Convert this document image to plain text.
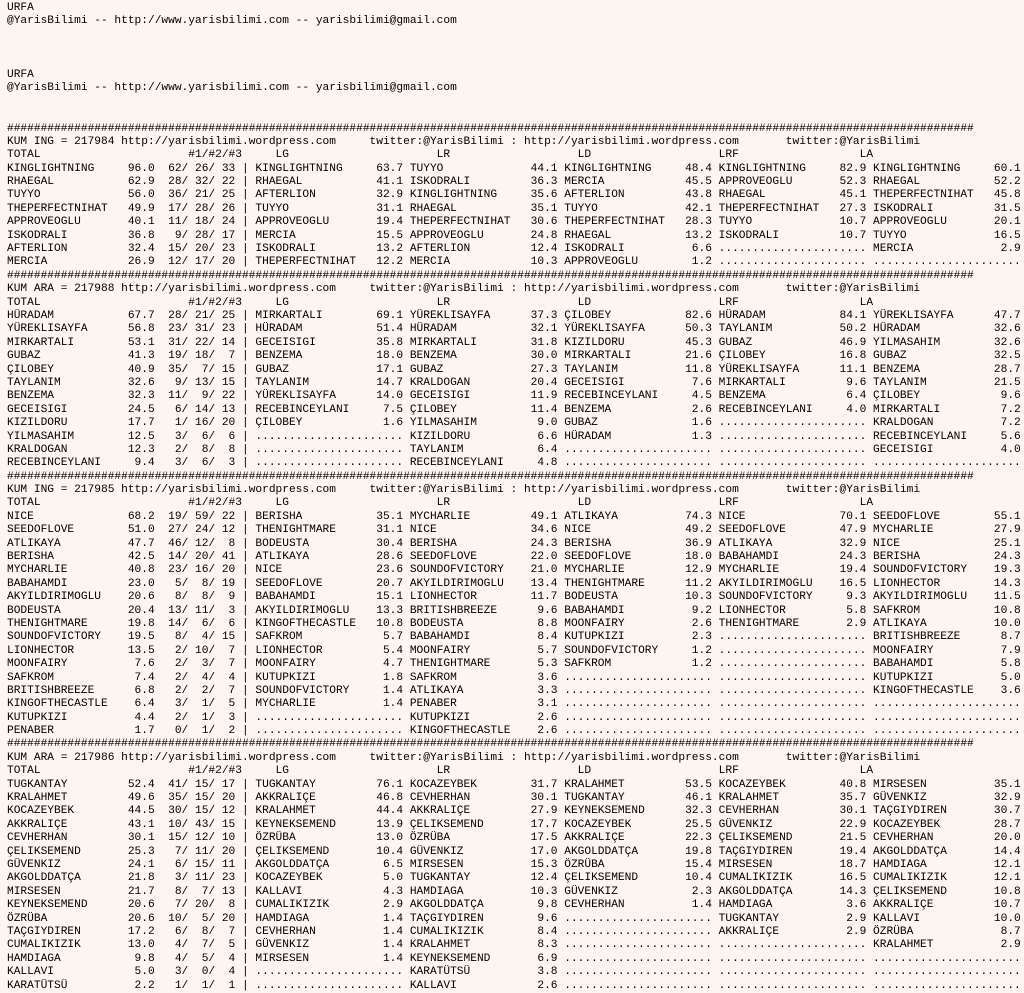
URFA
@YarisBilimi -- http://www.yarisbilimi.com -- yarisbilimi@gmail.com

URFA
@YarisBilimi -- http://www.yarisbilimi.com -- yarisbilimi@gmail.com

################################################################################################################################################
KUM ING = 217984 http://yarisbilimi.wordpress.com     twitter:@YarisBilimi : http://yarisbilimi.wordpress.com       twitter:@YarisBilimi
TOTAL                      #1/#2/#3     LG                      LR                   LD                   LRF                  LA
KINGLIGHTNING     96.0  62/ 26/ 33 | KINGLIGHTNING     63.7 TUYYO             44.1 KINGLIGHTNING     48.4 KINGLIGHTNING     82.9 KINGLIGHTNING     60.1
RHAEGAL           62.9  28/ 32/ 22 | RHAEGAL           41.1 ISKODRALI         36.3 MERCIA            45.5 APPROVEOGLU       52.3 RHAEGAL           52.2
TUYYO             56.0  36/ 21/ 25 | AFTERLION         32.9 KINGLIGHTNING     35.6 AFTERLION         43.8 RHAEGAL           45.1 THEPERFECTNIHAT   45.8
THEPERFECTNIHAT   49.9  17/ 28/ 26 | TUYYO             31.1 RHAEGAL           35.1 TUYYO             42.1 THEPERFECTNIHAT   27.3 ISKODRALI         31.5
APPROVEOGLU       40.1  11/ 18/ 24 | APPROVEOGLU       19.4 THEPERFECTNIHAT   30.6 THEPERFECTNIHAT   28.3 TUYYO             10.7 APPROVEOGLU       20.1
ISKODRALI         36.8   9/ 28/ 17 | MERCIA            15.5 APPROVEOGLU       24.8 RHAEGAL           13.2 ISKODRALI         10.7 TUYYO             16.5
AFTERLION         32.4  15/ 20/ 23 | ISKODRALI         13.2 AFTERLION         12.4 ISKODRALI          6.6 ...................... MERCIA             2.9
MERCIA            26.9  12/ 17/ 20 | THEPERFECTNIHAT   12.2 MERCIA            10.3 APPROVEOGLU        1.2 ...................... ......................
################################################################################################################################################
KUM ARA = 217988 http://yarisbilimi.wordpress.com     twitter:@YarisBilimi : http://yarisbilimi.wordpress.com       twitter:@YarisBilimi
TOTAL                      #1/#2/#3     LG                      LR                   LD                   LRF                  LA
HÜRADAM           67.7  28/ 21/ 25 | MIRKARTALI        69.1 YÜREKLISAYFA      37.3 ÇILOBEY           82.6 HÜRADAM           84.1 YÜREKLISAYFA      47.7
YÜREKLISAYFA      56.8  23/ 31/ 23 | HÜRADAM           51.4 HÜRADAM           32.1 YÜREKLISAYFA      50.3 TAYLANIM          50.2 HÜRADAM           32.6
MIRKARTALI        53.1  31/ 22/ 14 | GECEISIGI         35.8 MIRKARTALI        31.8 KIZILDORU         45.3 GUBAZ             46.9 YILMASAHIM        32.6
GUBAZ             41.3  19/ 18/  7 | BENZEMA           18.0 BENZEMA           30.0 MIRKARTALI        21.6 ÇILOBEY           16.8 GUBAZ             32.5
ÇILOBEY           40.9  35/  7/ 15 | GUBAZ             17.1 GUBAZ             27.3 TAYLANIM          11.8 YÜREKLISAYFA      11.1 BENZEMA           28.7
TAYLANIM          32.6   9/ 13/ 15 | TAYLANIM          14.7 KRALDOGAN         20.4 GECEISIGI          7.6 MIRKARTALI         9.6 TAYLANIM          21.5
BENZEMA           32.3  11/  9/ 22 | YÜREKLISAYFA      14.0 GECEISIGI         11.9 RECEBINCEYLANI     4.5 BENZEMA            6.4 ÇILOBEY            9.6
GECEISIGI         24.5   6/ 14/ 13 | RECEBINCEYLANI     7.5 ÇILOBEY           11.4 BENZEMA            2.6 RECEBINCEYLANI     4.0 MIRKARTALI         7.2
KIZILDORU         17.7   1/ 16/ 20 | ÇILOBEY            1.6 YILMASAHIM         9.0 GUBAZ              1.6 ...................... KRALDOGAN          7.2
YILMASAHIM        12.5   3/  6/  6 | ...................... KIZILDORU          6.6 HÜRADAM            1.3 ...................... RECEBINCEYLANI     5.6
KRALDOGAN         12.3   2/  8/  8 | ...................... TAYLANIM           6.4 ...................... ...................... GECEISIGI          4.0
RECEBINCEYLANI     9.4   3/  6/  3 | ...................... RECEBINCEYLANI     4.8 ...................... ...................... ......................
################################################################################################################################################
KUM ING = 217985 http://yarisbilimi.wordpress.com     twitter:@YarisBilimi : http://yarisbilimi.wordpress.com       twitter:@YarisBilimi
TOTAL                      #1/#2/#3     LG                      LR                   LD                   LRF                  LA
NICE              68.2  19/ 59/ 22 | BERISHA           35.1 MYCHARLIE         49.1 ATLIKAYA          74.3 NICE              70.1 SEEDOFLOVE        55.1
SEEDOFLOVE        51.0  27/ 24/ 12 | THENIGHTMARE      31.1 NICE              34.6 NICE              49.2 SEEDOFLOVE        47.9 MYCHARLIE         27.9
ATLIKAYA          47.7  46/ 12/  8 | BODEUSTA          30.4 BERISHA           24.3 BERISHA           36.9 ATLIKAYA          32.9 NICE              25.1
BERISHA           42.5  14/ 20/ 41 | ATLIKAYA          28.6 SEEDOFLOVE        22.0 SEEDOFLOVE        18.0 BABAHAMDI         24.3 BERISHA           24.3
MYCHARLIE         40.8  23/ 16/ 20 | NICE              23.6 SOUNDOFVICTORY    21.0 MYCHARLIE         12.9 MYCHARLIE         19.4 SOUNDOFVICTORY    19.3
BABAHAMDI         23.0   5/  8/ 19 | SEEDOFLOVE        20.7 AKYILDIRIMOGLU    13.4 THENIGHTMARE      11.2 AKYILDIRIMOGLU    16.5 LIONHECTOR        14.3
AKYILDIRIMOGLU    20.6   8/  8/  9 | BABAHAMDI         15.1 LIONHECTOR        11.7 BODEUSTA          10.3 SOUNDOFVICTORY     9.3 AKYILDIRIMOGLU    11.5
BODEUSTA          20.4  13/ 11/  3 | AKYILDIRIMOGLU    13.3 BRITISHBREEZE      9.6 BABAHAMDI          9.2 LIONHECTOR         5.8 SAFKROM           10.8
THENIGHTMARE      19.8  14/  6/  6 | KINGOFTHECASTLE   10.8 BODEUSTA           8.8 MOONFAIRY          2.6 THENIGHTMARE       2.9 ATLIKAYA          10.0
SOUNDOFVICTORY    19.5   8/  4/ 15 | SAFKROM            5.7 BABAHAMDI          8.4 KUTUPKIZI          2.3 ...................... BRITISHBREEZE      8.7
LIONHECTOR        13.5   2/ 10/  7 | LIONHECTOR         5.4 MOONFAIRY          5.7 SOUNDOFVICTORY     1.2 ...................... MOONFAIRY          7.9
MOONFAIRY          7.6   2/  3/  7 | MOONFAIRY          4.7 THENIGHTMARE       5.3 SAFKROM            1.2 ...................... BABAHAMDI          5.8
SAFKROM            7.4   2/  4/  4 | KUTUPKIZI          1.8 SAFKROM            3.6 ...................... ...................... KUTUPKIZI          5.0
BRITISHBREEZE      6.8   2/  2/  7 | SOUNDOFVICTORY     1.4 ATLIKAYA           3.3 ...................... ...................... KINGOFTHECASTLE    3.6
KINGOFTHECASTLE    6.4   3/  1/  5 | MYCHARLIE          1.4 PENABER            3.1 ...................... ...................... ......................
KUTUPKIZI          4.4   2/  1/  3 | ...................... KUTUPKIZI          2.6 ...................... ...................... ......................
PENABER            1.7   0/  1/  2 | ...................... KINGOFTHECASTLE    2.6 ...................... ...................... ......................
################################################################################################################################################
KUM ARA = 217986 http://yarisbilimi.wordpress.com     twitter:@YarisBilimi : http://yarisbilimi.wordpress.com       twitter:@YarisBilimi
TOTAL                      #1/#2/#3     LG                      LR                   LD                   LRF                  LA
TUGKANTAY         52.4  41/ 15/ 17 | TUGKANTAY         76.1 KOCAZEYBEK        31.7 KRALAHMET         53.5 KOCAZEYBEK        40.8 MIRSESEN          35.1
KRALAHMET         49.6  35/ 15/ 20 | AKKRALIÇE         46.8 CEVHERHAN         30.1 TUGKANTAY         46.1 KRALAHMET         35.7 GÜVENKIZ          32.9
KOCAZEYBEK        44.5  30/ 15/ 12 | KRALAHMET         44.4 AKKRALIÇE         27.9 KEYNEKSEMEND      32.3 CEVHERHAN         30.1 TAÇGIYDIREN       30.7
AKKRALIÇE         43.1  10/ 43/ 15 | KEYNEKSEMEND      13.9 ÇELIKSEMEND       17.7 KOCAZEYBEK        25.5 GÜVENKIZ          22.9 KOCAZEYBEK        28.7
CEVHERHAN         30.1  15/ 12/ 10 | ÖZRÜBA            13.0 ÖZRÜBA            17.5 AKKRALIÇE         22.3 ÇELIKSEMEND       21.5 CEVHERHAN         20.0
ÇELIKSEMEND       25.3   7/ 11/ 20 | ÇELIKSEMEND       10.4 GÜVENKIZ          17.0 AKGOLDDATÇA       19.8 TAÇGIYDIREN       19.4 AKGOLDDATÇA       14.4
GÜVENKIZ          24.1   6/ 15/ 11 | AKGOLDDATÇA        6.5 MIRSESEN          15.3 ÖZRÜBA            15.4 MIRSESEN          18.7 HAMDIAGA          12.1
AKGOLDDATÇA       21.8   3/ 11/ 23 | KOCAZEYBEK         5.0 TUGKANTAY         12.4 ÇELIKSEMEND       10.4 CUMALIKIZIK       16.5 CUMALIKIZIK       12.1
MIRSESEN          21.7   8/  7/ 13 | KALLAVI            4.3 HAMDIAGA          10.3 GÜVENKIZ           2.3 AKGOLDDATÇA       14.3 ÇELIKSEMEND       10.8
KEYNEKSEMEND      20.6   7/ 20/  8 | CUMALIKIZIK        2.9 AKGOLDDATÇA        9.8 CEVHERHAN          1.4 HAMDIAGA           3.6 AKKRALIÇE         10.7
ÖZRÜBA            20.6  10/  5/ 20 | HAMDIAGA           1.4 TAÇGIYDIREN        9.6 ...................... TUGKANTAY          2.9 KALLAVI           10.0
TAÇGIYDIREN       17.2   6/  8/  7 | CEVHERHAN          1.4 CUMALIKIZIK        8.4 ...................... AKKRALIÇE          2.9 ÖZRÜBA             8.7
CUMALIKIZIK       13.0   4/  7/  5 | GÜVENKIZ           1.4 KRALAHMET          8.3 ...................... ...................... KRALAHMET          2.9
HAMDIAGA           9.8   4/  5/  4 | MIRSESEN           1.4 KEYNEKSEMEND       6.9 ...................... ...................... ......................
KALLAVI            5.0   3/  0/  4 | ...................... KARATÜTSÜ          3.8 ...................... ...................... ......................
KARATÜTSÜ          2.2   1/  1/  1 | ...................... KALLAVI            2.6 ...................... ...................... ......................
